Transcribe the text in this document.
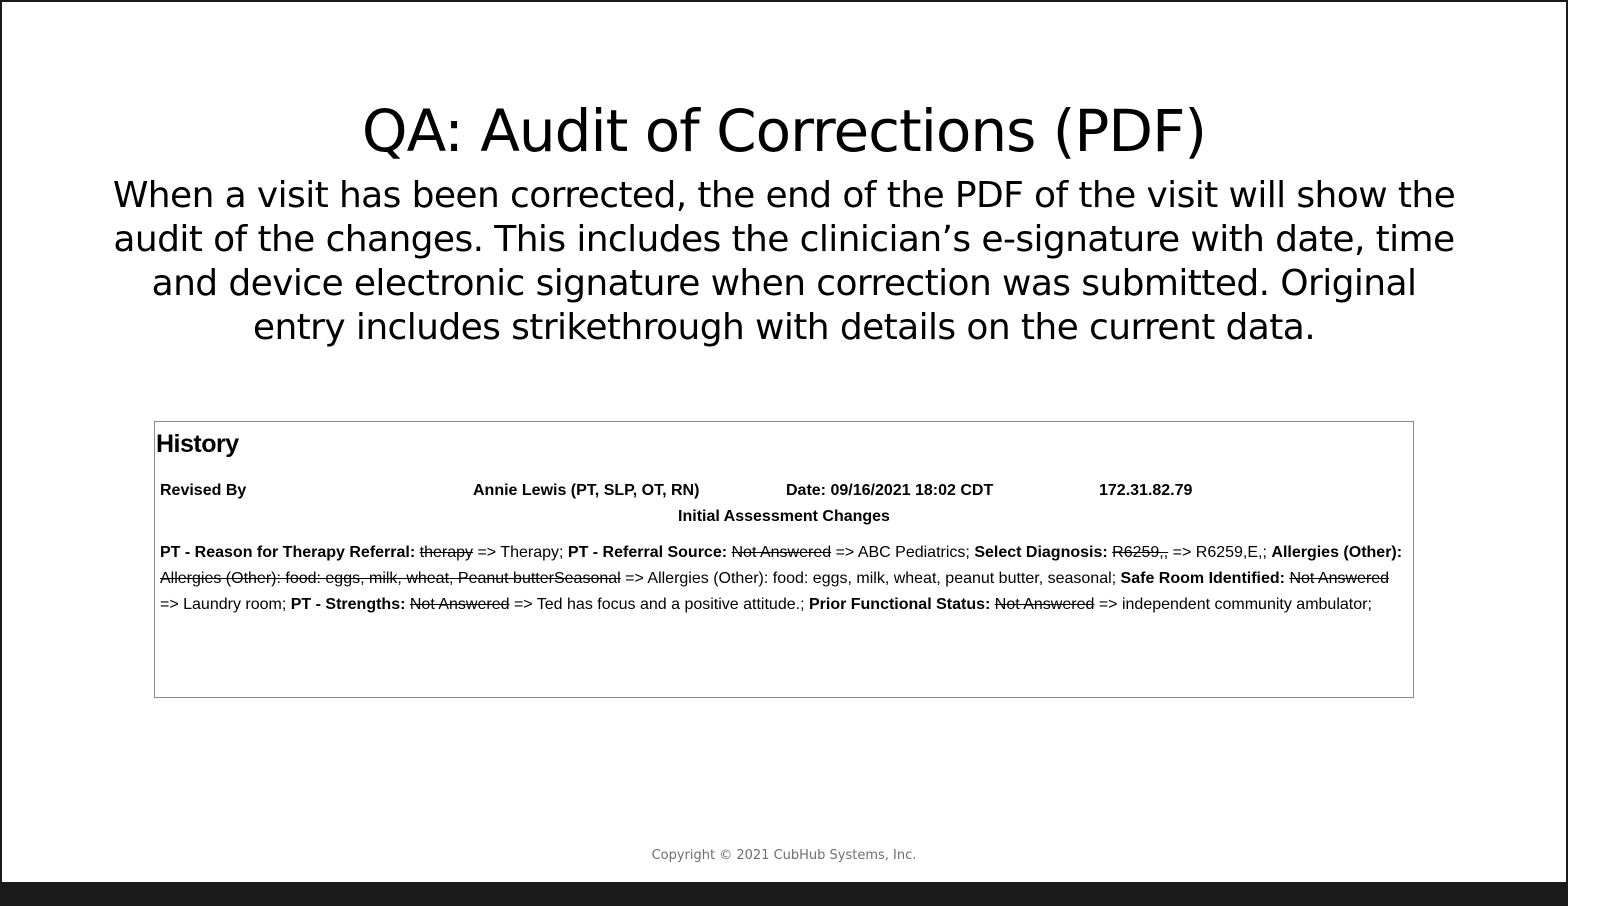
QA: Audit of Corrections (PDF)
When a visit has been corrected, the end of the PDF of the visit will show the audit of the changes. This includes the clinician’s e-signature with date, time and device electronic signature when correction was submitted. Original entry includes strikethrough with details on the current data.
History
Revised By	Annie Lewis (PT, SLP, OT, RN)	Date: 09/16/2021 18:02 CDT	172.31.82.79
Initial Assessment Changes
PT - Reason for Therapy Referral: therapy => Therapy; PT - Referral Source: Not Answered => ABC Pediatrics; Select Diagnosis: R6259,, => R6259,E,; Allergies (Other): Allergies (Other): food: eggs, milk, wheat, Peanut butterSeasonal => Allergies (Other): food: eggs, milk, wheat, peanut butter, seasonal; Safe Room Identified: Not Answered => Laundry room; PT - Strengths: Not Answered => Ted has focus and a positive attitude.; Prior Functional Status: Not Answered => independent community ambulator;
Copyright © 2021 CubHub Systems, Inc.
